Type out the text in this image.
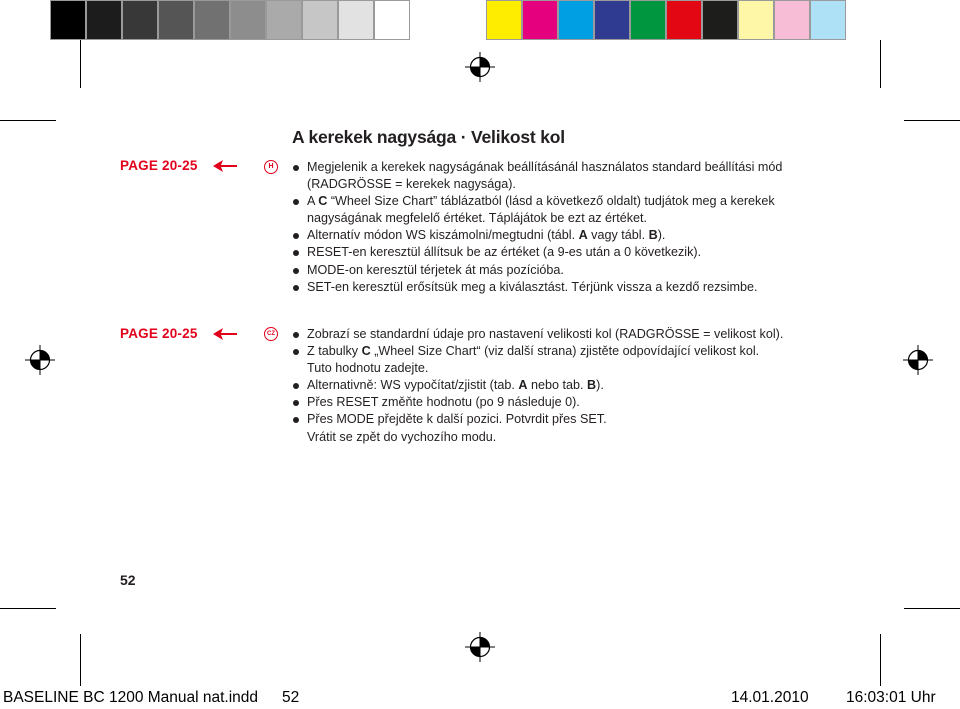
A kerekek nagysága · Velikost kol
PAGE 20-25	H	Megjelenik a kerekek nagyságának beállításánál használatos standard beállítási mód
(RADGRÖSSE = kerekek nagysága).
A C “Wheel Size Chart” táblázatból (lásd a következő oldalt) tudjátok meg a kerekek
nagyságának megfelelő értéket. Táplájátok be ezt az értéket.
Alternatív módon WS kiszámolni/megtudni (tábl. A vagy tábl. B).
RESET-en keresztül állítsuk be az értéket (a 9-es után a 0 következik).
MODE-on keresztül térjetek át más pozícióba.
SET-en keresztül erősítsük meg a kiválasztást. Térjünk vissza a kezdő rezsimbe.
PAGE 20-25	CZ	Zobrazí se standardní údaje pro nastavení velikosti kol (RADGRÖSSE = velikost kol).
Z tabulky C „Wheel Size Chart“ (viz další strana) zjistěte odpovídající velikost kol.
Tuto hodnotu zadejte.
Alternativně: WS vypočítat/zjistit (tab. A nebo tab. B).
Přes RESET změňte hodnotu (po 9 následuje 0).
Přes MODE přejděte k další pozici. Potvrdit přes SET.
Vrátit se zpět do vychozího modu.
52
BASELINE BC 1200 Manual nat.indd 52	14.01.2010 16:03:01 Uhr
